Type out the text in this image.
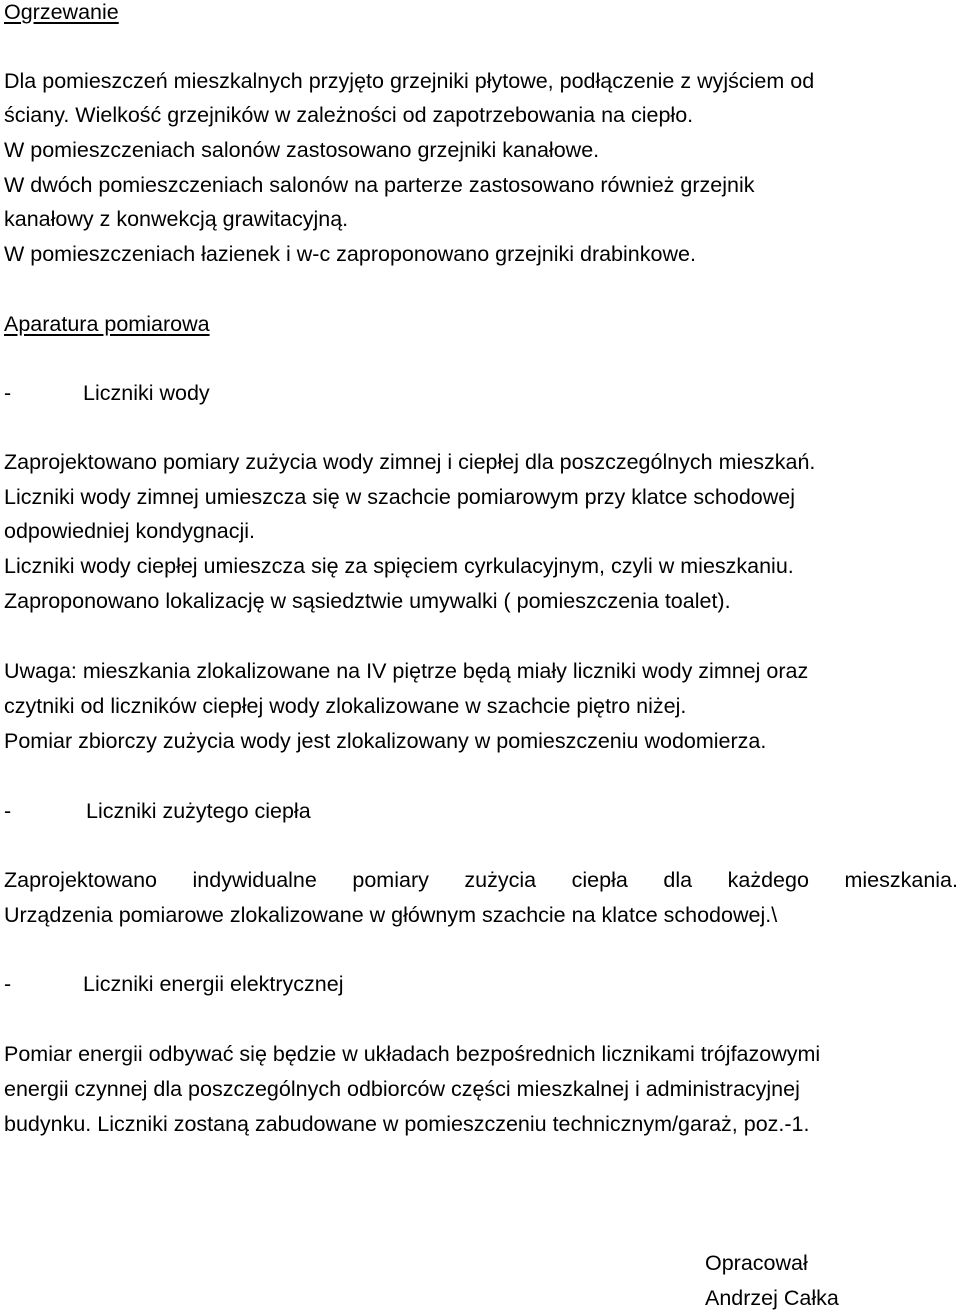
Ogrzewanie
Dla pomieszczeń mieszkalnych przyjęto grzejniki płytowe, podłączenie z wyjściem od
ściany. Wielkość grzejników w zależności od zapotrzebowania na ciepło.
W pomieszczeniach salonów zastosowano grzejniki kanałowe.
W dwóch pomieszczeniach salonów na parterze zastosowano również grzejnik
kanałowy z konwekcją grawitacyjną.
W pomieszczeniach łazienek i w-c zaproponowano grzejniki drabinkowe.
Aparatura pomiarowa
-	Liczniki wody
Zaprojektowano pomiary zużycia wody zimnej i ciepłej dla poszczególnych mieszkań.
Liczniki wody zimnej umieszcza się w szachcie pomiarowym przy klatce schodowej
odpowiedniej kondygnacji.
Liczniki wody ciepłej umieszcza się za spięciem cyrkulacyjnym, czyli w mieszkaniu.
Zaproponowano lokalizację w sąsiedztwie umywalki ( pomieszczenia toalet).
Uwaga: mieszkania zlokalizowane na IV piętrze będą miały liczniki wody zimnej oraz
czytniki od liczników ciepłej wody zlokalizowane w szachcie piętro niżej.
Pomiar zbiorczy zużycia wody jest zlokalizowany w pomieszczeniu wodomierza.
-	Liczniki zużytego ciepła
Zaprojektowano indywidualne pomiary zużycia ciepła dla każdego mieszkania.
Urządzenia pomiarowe zlokalizowane w głównym szachcie na klatce schodowej.\
-	Liczniki energii elektrycznej
Pomiar energii odbywać się będzie w układach bezpośrednich licznikami trójfazowymi
energii czynnej dla poszczególnych odbiorców części mieszkalnej i administracyjnej
budynku. Liczniki zostaną zabudowane w pomieszczeniu technicznym/garaż, poz.-1.
Opracował
Andrzej Całka
